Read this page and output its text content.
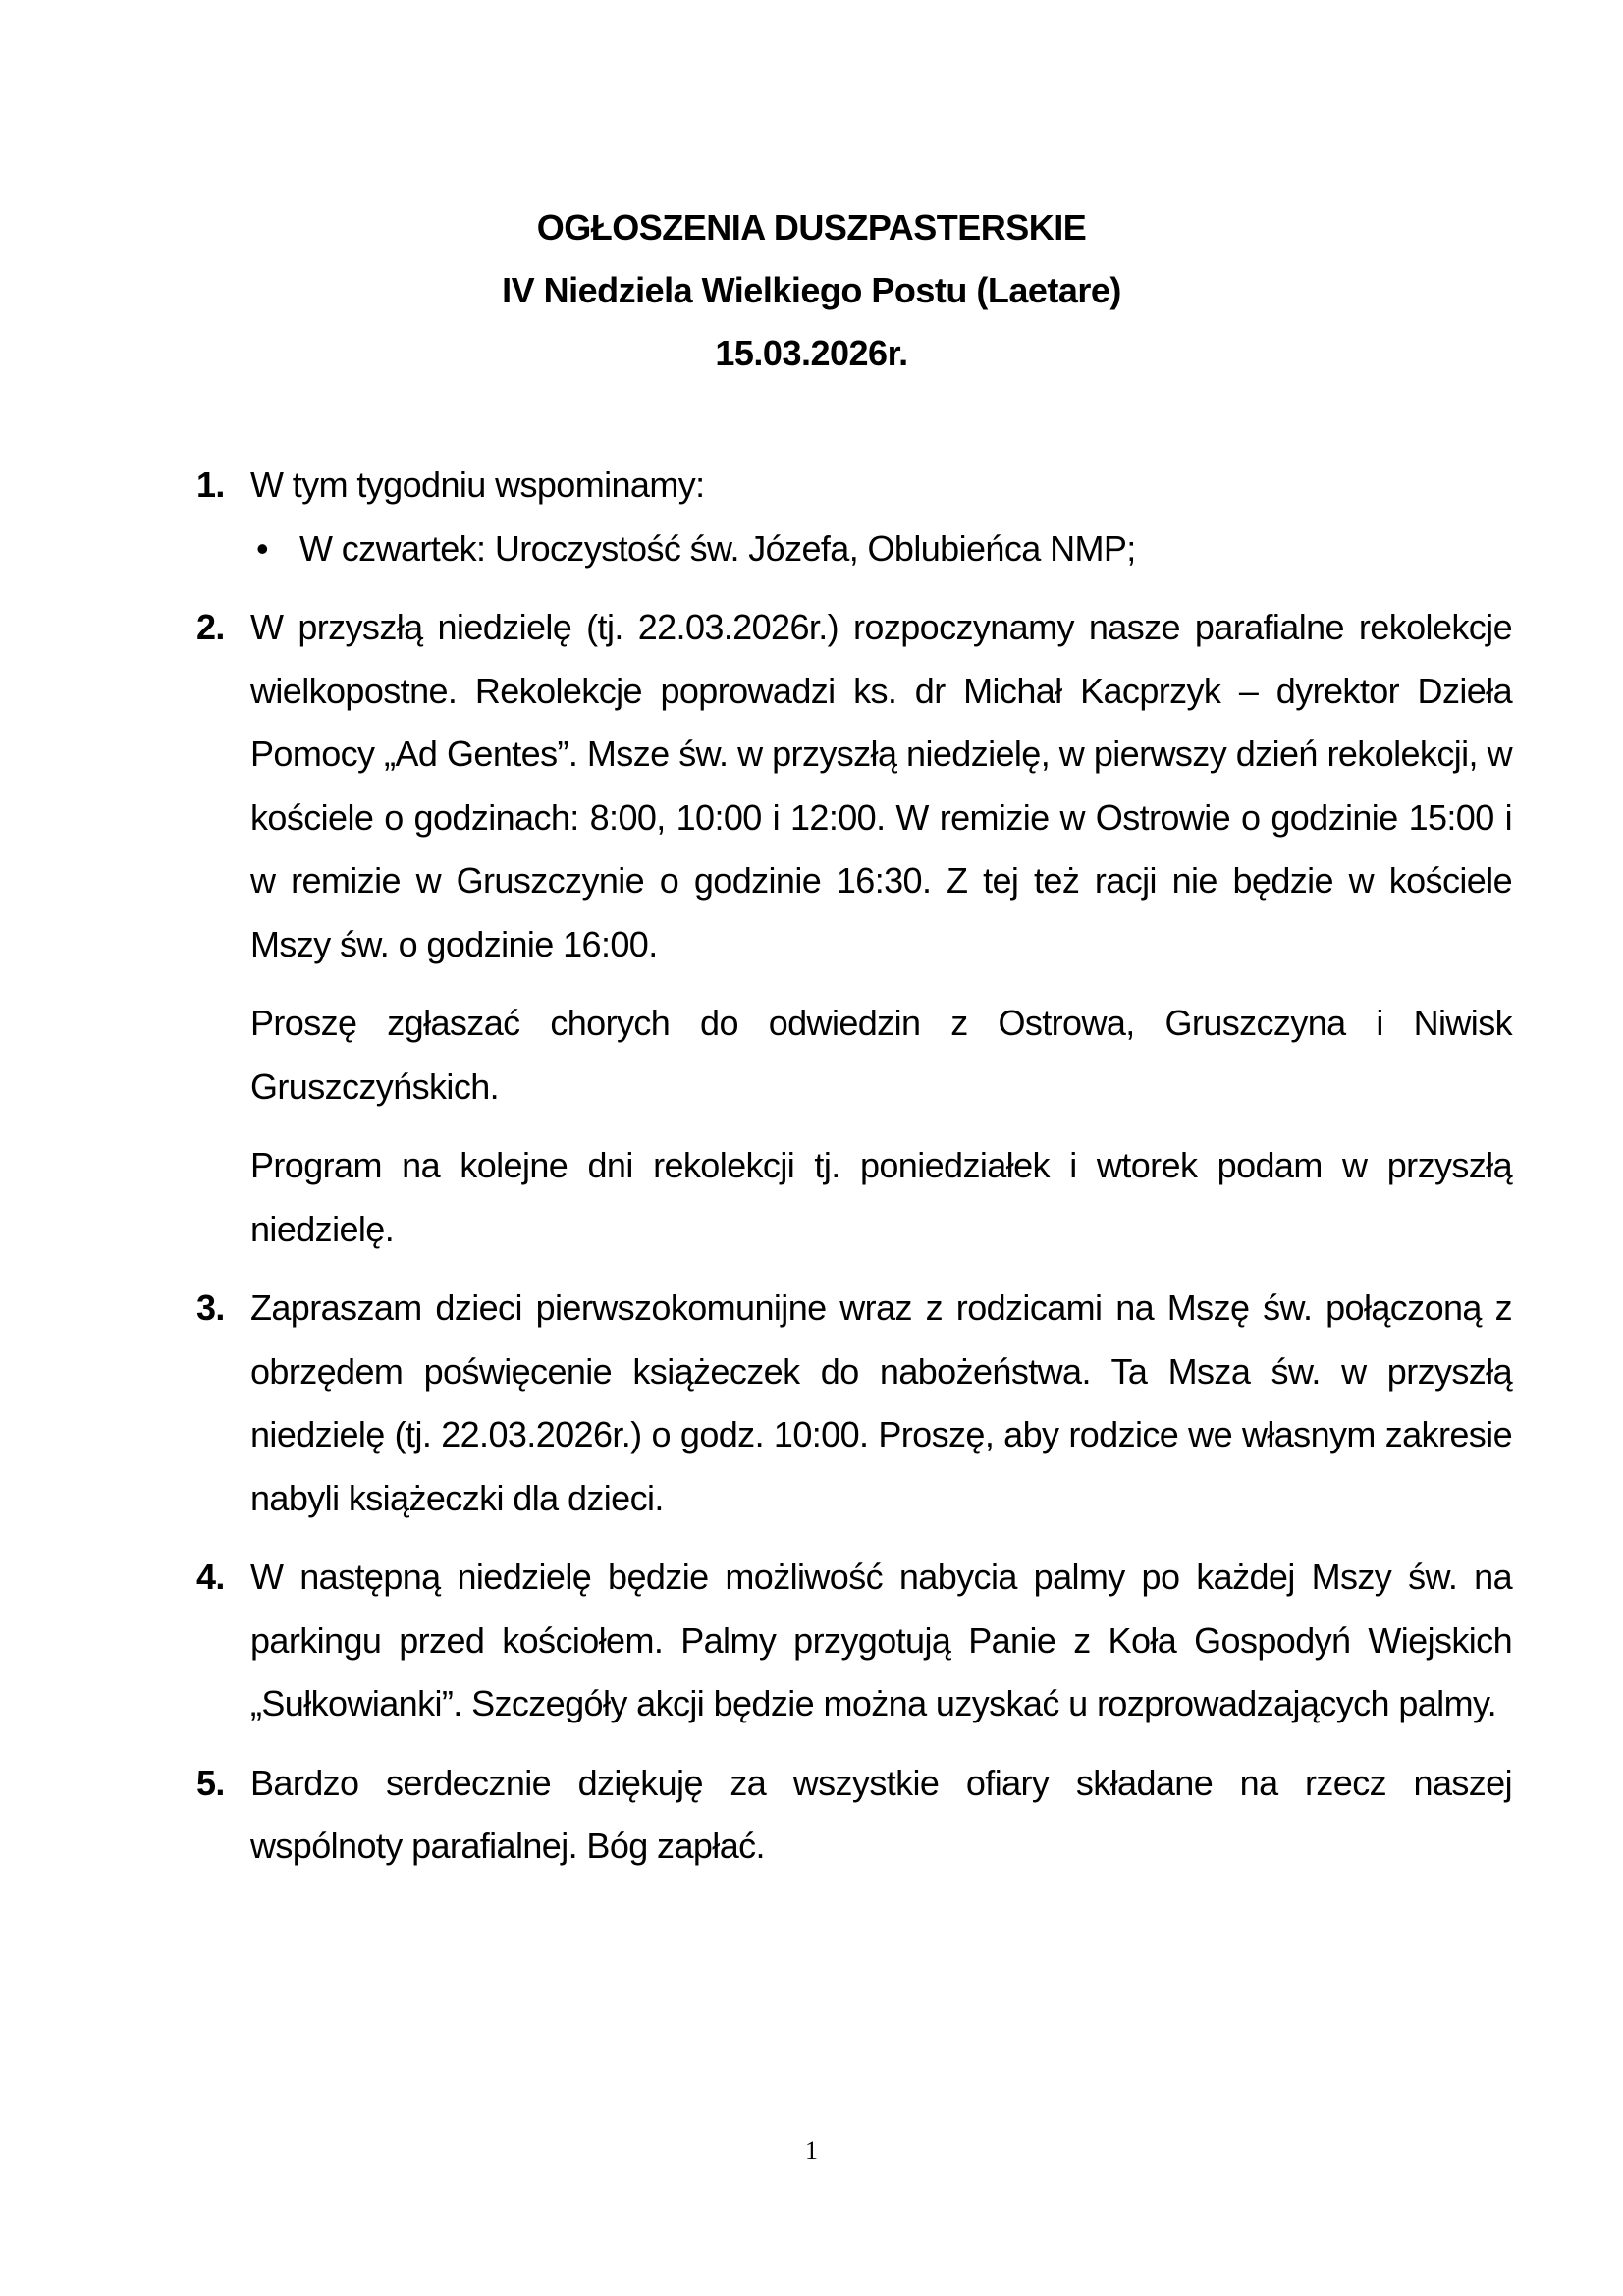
OGŁOSZENIA DUSZPASTERSKIE
IV Niedziela Wielkiego Postu (Laetare)
15.03.2026r.
1. W tym tygodniu wspominamy:

• W czwartek: Uroczystość św. Józefa, Oblubieńca NMP;
2. W przyszłą niedzielę (tj. 22.03.2026r.) rozpoczynamy nasze parafialne rekolekcje wielkopostne. Rekolekcje poprowadzi ks. dr Michał Kacprzyk – dyrektor Dzieła Pomocy „Ad Gentes”. Msze św. w przyszłą niedzielę, w pierwszy dzień rekolekcji, w kościele o godzinach: 8:00, 10:00 i 12:00. W remizie w Ostrowie o godzinie 15:00 i w remizie w Gruszczynie o godzinie 16:30. Z tej też racji nie będzie w kościele Mszy św. o godzinie 16:00.

Proszę zgłaszać chorych do odwiedzin z Ostrowa, Gruszczyna i Niwisk Gruszczyńskich.

Program na kolejne dni rekolekcji tj. poniedziałek i wtorek podam w przyszłą niedzielę.

3. Zapraszam dzieci pierwszokomunijne wraz z rodzicami na Mszę św. połączoną z obrzędem poświęcenie książeczek do nabożeństwa. Ta Msza św. w przyszłą niedzielę (tj. 22.03.2026r.) o godz. 10:00. Proszę, aby rodzice we własnym zakresie nabyli książeczki dla dzieci.

4. W następną niedzielę będzie możliwość nabycia palmy po każdej Mszy św. na parkingu przed kościołem. Palmy przygotują Panie z Koła Gospodyń Wiejskich „Sułkowianki”. Szczegóły akcji będzie można uzyskać u rozprowadzających palmy.

5. Bardzo serdecznie dziękuję za wszystkie ofiary składane na rzecz naszej wspólnoty parafialnej. Bóg zapłać.

1
